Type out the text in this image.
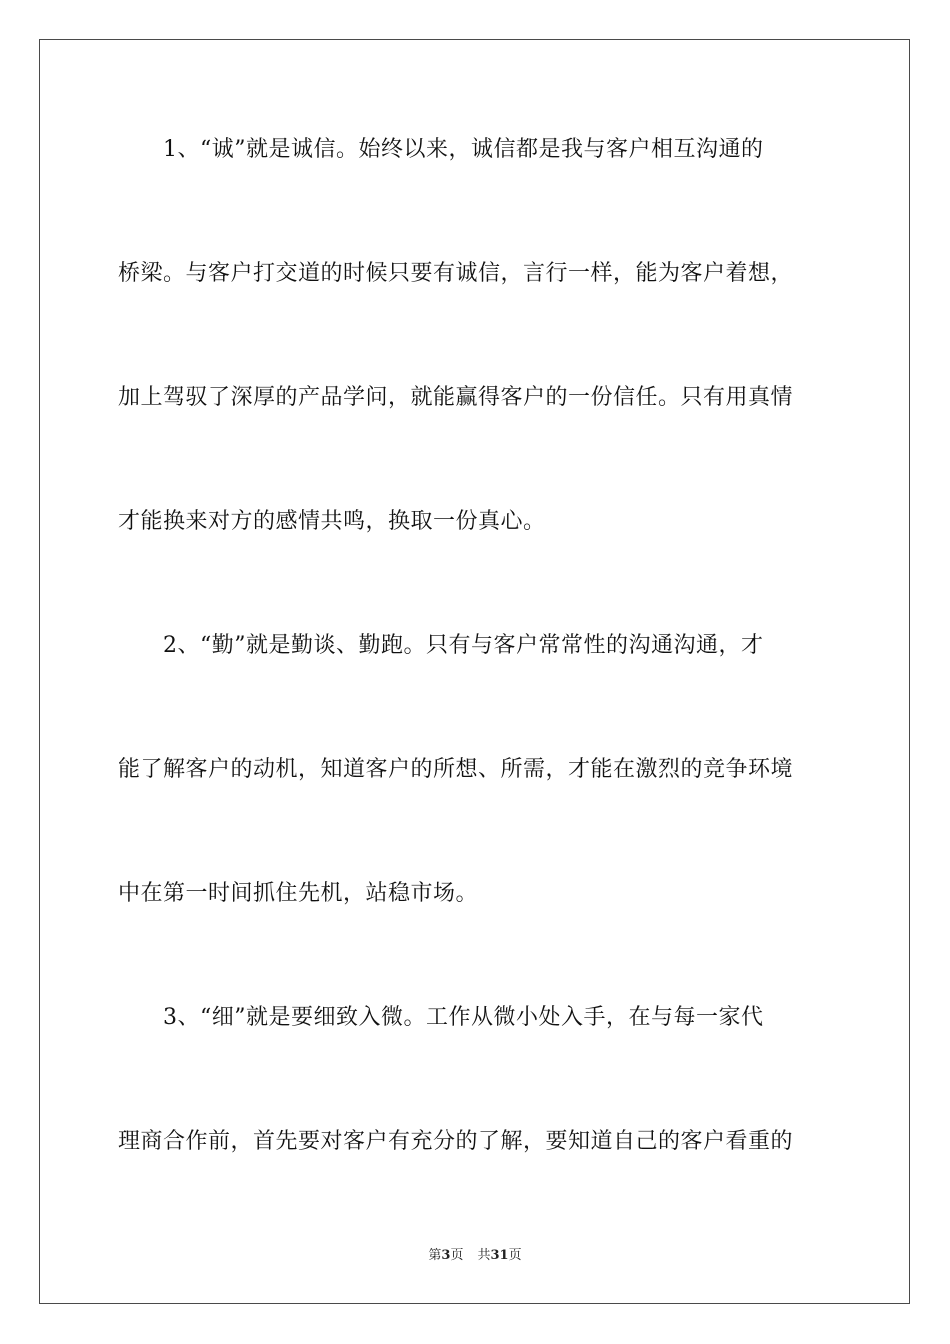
　　1、“诚”就是诚信。始终以来，诚信都是我与客户相互沟通的
桥梁。与客户打交道的时候只要有诚信，言行一样，能为客户着想，
加上驾驭了深厚的产品学问，就能赢得客户的一份信任。只有用真情
才能换来对方的感情共鸣，换取一份真心。
　　2、“勤”就是勤谈、勤跑。只有与客户常常性的沟通沟通，才
能了解客户的动机，知道客户的所想、所需，才能在激烈的竞争环境
中在第一时间抓住先机，站稳市场。
　　3、“细”就是要细致入微。工作从微小处入手，在与每一家代
理商合作前，首先要对客户有充分的了解，要知道自己的客户看重的
第3页 共31页
